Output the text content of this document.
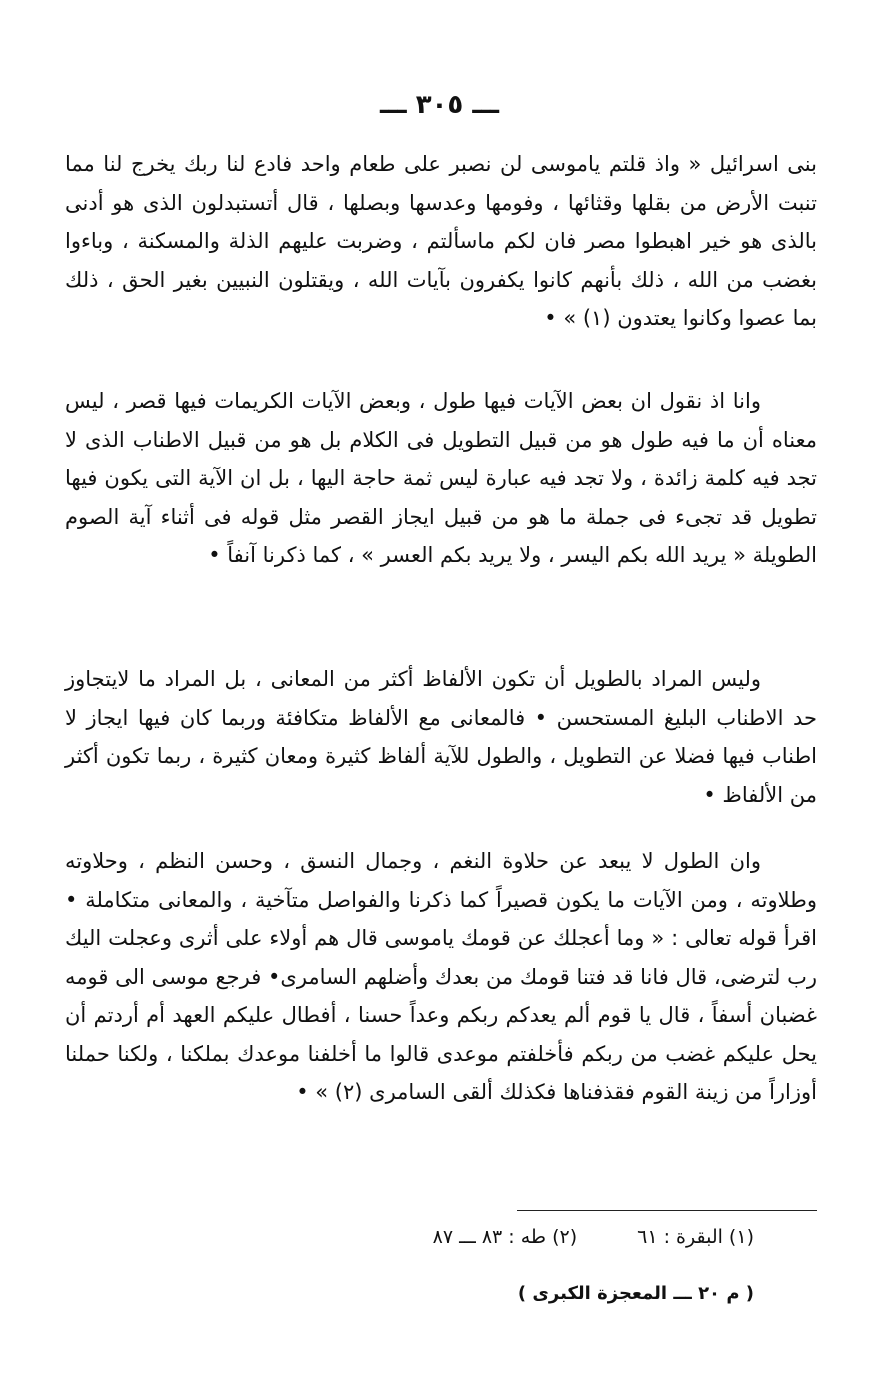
ـــ ٣٠٥ ـــ

بنى اسرائيل « واذ قلتم ياموسى لن نصبر على طعام واحد فادع لنا ربك يخرج لنا مما تنبت الأرض من بقلها وقثائها ، وفومها وعدسها وبصلها ، قال أتستبدلون الذى هو أدنى بالذى هو خير اهبطوا مصر فان لكم ماسألتم ، وضربت عليهم الذلة والمسكنة ، وباءوا بغضب من الله ، ذلك بأنهم كانوا يكفرون بآيات الله ، ويقتلون النبيين بغير الحق ، ذلك بما عصوا وكانوا يعتدون (١) » •

وانا اذ نقول ان بعض الآيات فيها طول ، وبعض الآيات الكريمات فيها قصر ، ليس معناه أن ما فيه طول هو من قبيل التطويل فى الكلام بل هو من قبيل الاطناب الذى لا تجد فيه كلمة زائدة ، ولا تجد فيه عبارة ليس ثمة حاجة اليها ، بل ان الآية التى يكون فيها تطويل قد تجىء فى جملة ما هو من قبيل ايجاز القصر مثل قوله فى أثناء آية الصوم الطويلة « يريد الله بكم اليسر ، ولا يريد بكم العسر » ، كما ذكرنا آنفاً •

وليس المراد بالطويل أن تكون الألفاظ أكثر من المعانى ، بل المراد ما لايتجاوز حد الاطناب البليغ المستحسن • فالمعانى مع الألفاظ متكافئة وربما كان فيها ايجاز لا اطناب فيها فضلا عن التطويل ، والطول للآية ألفاظ كثيرة ومعان كثيرة ، ربما تكون أكثر من الألفاظ •

وان الطول لا يبعد عن حلاوة النغم ، وجمال النسق ، وحسن النظم ، وحلاوته وطلاوته ، ومن الآيات ما يكون قصيراً كما ذكرنا والفواصل متآخية ، والمعانى متكاملة • اقرأ قوله تعالى : « وما أعجلك عن قومك ياموسى قال هم أولاء على أثرى وعجلت اليك رب لترضى، قال فانا قد فتنا قومك من بعدك وأضلهم السامرى• فرجع موسى الى قومه غضبان أسفاً ، قال يا قوم ألم يعدكم ربكم وعداً حسنا ، أفطال عليكم العهد أم أردتم أن يحل عليكم غضب من ربكم فأخلفتم موعدى قالوا ما أخلفنا موعدك بملكنا ، ولكنا حملنا أوزاراً من زينة القوم فقذفناها فكذلك ألقى السامرى (٢) » •

(١) البقرة : ٦١
(٢) طه : ٨٣ ـــ ٨٧
( م ٢٠ ـــ المعجزة الكبرى )
